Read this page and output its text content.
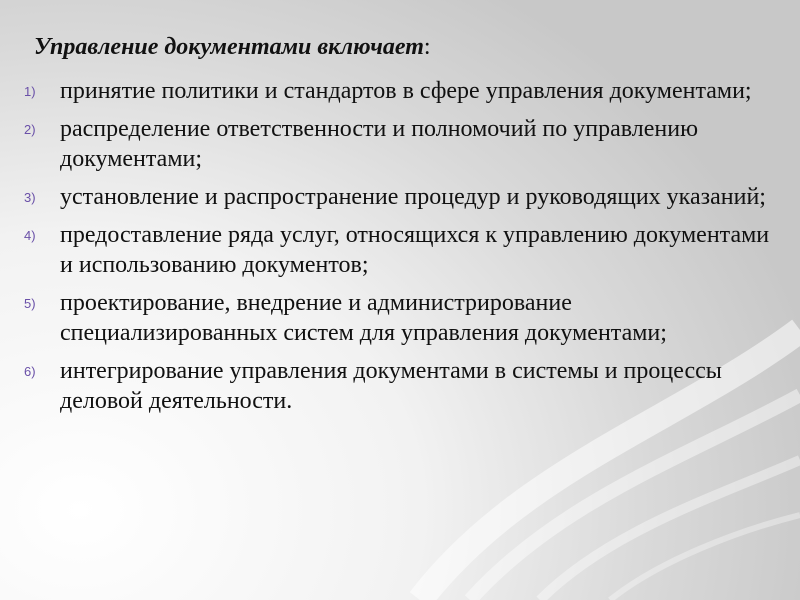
Управление документами включает:
1) принятие политики и стандартов в сфере управления документами;
2) распределение ответственности и полномочий по управлению документами;
3) установление и распространение процедур и руководящих указаний;
4) предоставление ряда услуг, относящихся к управлению документами и использованию документов;
5) проектирование, внедрение и администрирование специализированных систем для управления документами;
6) интегрирование управления документами в системы и процессы деловой деятельности.
